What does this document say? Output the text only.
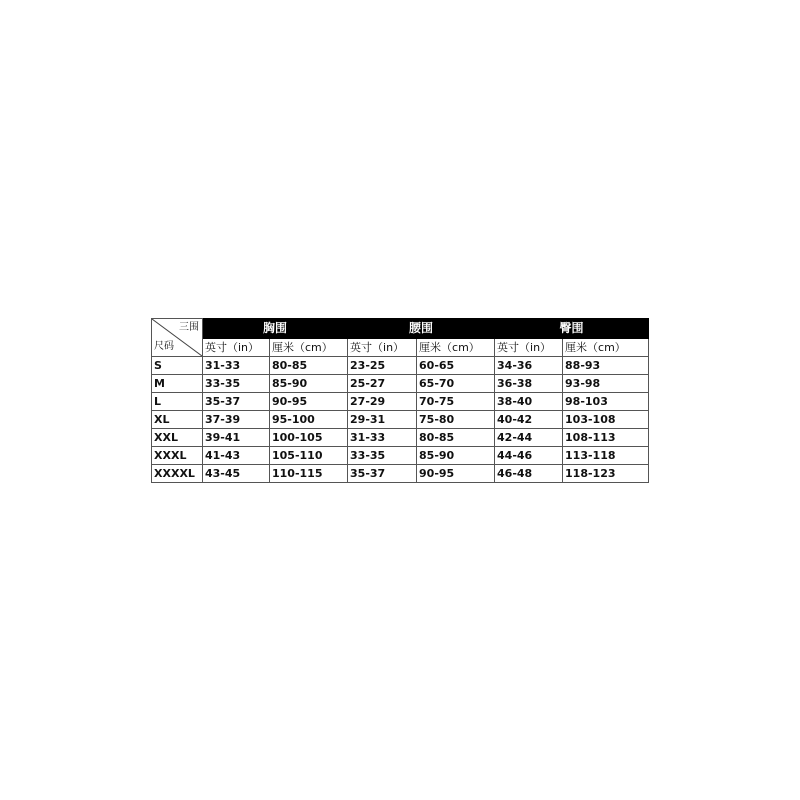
三围
尺码	胸围		腰围		臀围	
	英寸（in）	厘米（cm）	英寸（in）	厘米（cm）	英寸（in）	厘米（cm）
S	31-33	80-85	23-25	60-65	34-36	88-93
M	33-35	85-90	25-27	65-70	36-38	93-98
L	35-37	90-95	27-29	70-75	38-40	98-103
XL	37-39	95-100	29-31	75-80	40-42	103-108
XXL	39-41	100-105	31-33	80-85	42-44	108-113
XXXL	41-43	105-110	33-35	85-90	44-46	113-118
XXXXL	43-45	110-115	35-37	90-95	46-48	118-123
